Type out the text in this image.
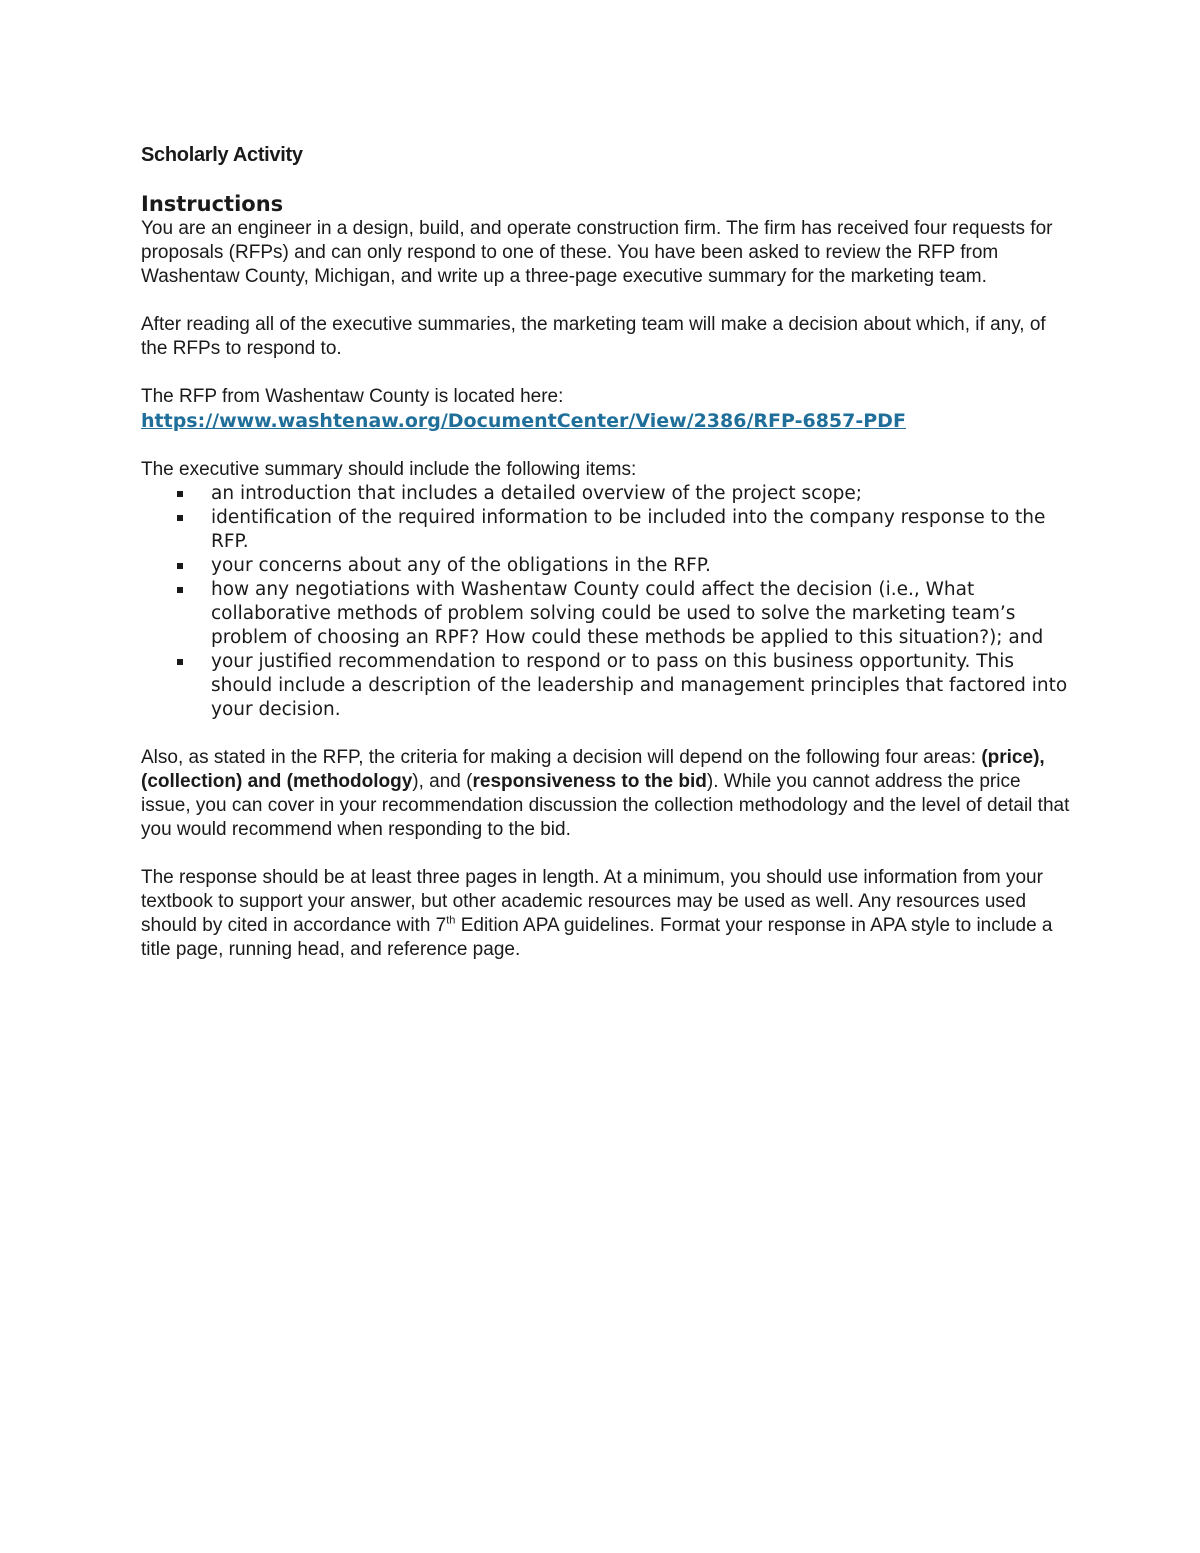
Scholarly Activity
Instructions

You are an engineer in a design, build, and operate construction firm. The firm has received four requests for proposals (RFPs) and can only respond to one of these. You have been asked to review the RFP from Washentaw County, Michigan, and write up a three-page executive summary for the marketing team.

After reading all of the executive summaries, the marketing team will make a decision about which, if any, of the RFPs to respond to.

The RFP from Washentaw County is located here: https://www.washtenaw.org/DocumentCenter/View/2386/RFP-6857-PDF

The executive summary should include the following items:

an introduction that includes a detailed overview of the project scope;
identification of the required information to be included into the company response to the RFP.
your concerns about any of the obligations in the RFP.
how any negotiations with Washentaw County could affect the decision (i.e., What collaborative methods of problem solving could be used to solve the marketing team’s problem of choosing an RPF? How could these methods be applied to this situation?); and
your justified recommendation to respond or to pass on this business opportunity. This should include a description of the leadership and management principles that factored into your decision.

Also, as stated in the RFP, the criteria for making a decision will depend on the following four areas: (price), (collection) and (methodology), and (responsiveness to the bid). While you cannot address the price issue, you can cover in your recommendation discussion the collection methodology and the level of detail that you would recommend when responding to the bid.

The response should be at least three pages in length. At a minimum, you should use information from your textbook to support your answer, but other academic resources may be used as well. Any resources used should by cited in accordance with 7th Edition APA guidelines. Format your response in APA style to include a title page, running head, and reference page.
